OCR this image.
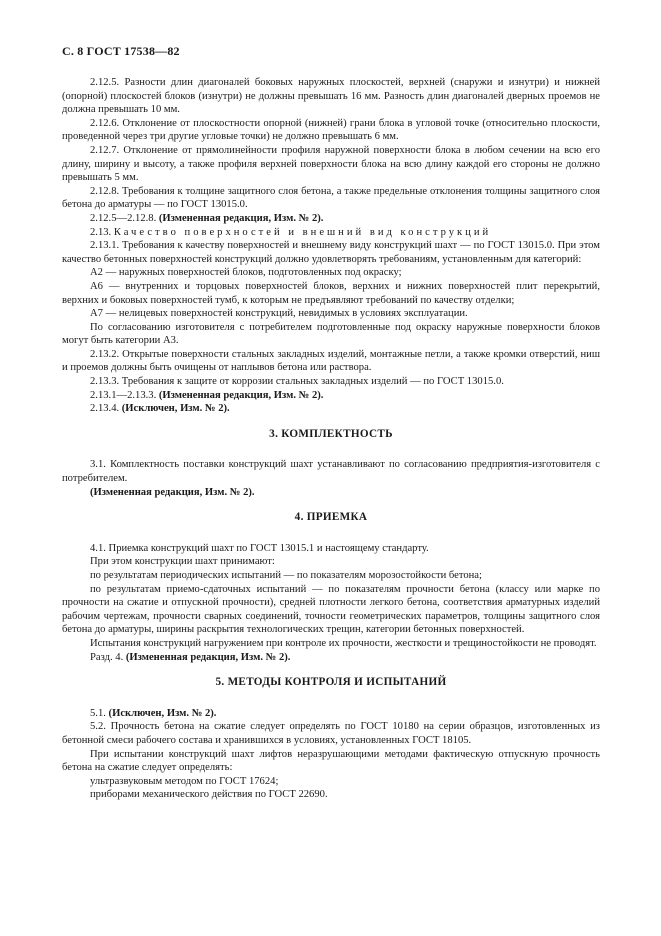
С. 8 ГОСТ 17538—82

2.12.5. Разности длин диагоналей боковых наружных плоскостей, верхней (снаружи и изнутри) и нижней (опорной) плоскостей блоков (изнутри) не должны превышать 16 мм. Разность длин диагоналей дверных проемов не должна превышать 10 мм.

2.12.6. Отклонение от плоскостности опорной (нижней) грани блока в угловой точке (относительно плоскости, проведенной через три другие угловые точки) не должно превышать 6 мм.

2.12.7. Отклонение от прямолинейности профиля наружной поверхности блока в любом сечении на всю его длину, ширину и высоту, а также профиля верхней поверхности блока на всю длину каждой его стороны не должно превышать 5 мм.

2.12.8. Требования к толщине защитного слоя бетона, а также предельные отклонения толщины защитного слоя бетона до арматуры — по ГОСТ 13015.0.

2.12.5—2.12.8. (Измененная редакция, Изм. № 2).

2.13. Качество поверхностей и внешний вид конструкций

2.13.1. Требования к качеству поверхностей и внешнему виду конструкций шахт — по ГОСТ 13015.0. При этом качество бетонных поверхностей конструкций должно удовлетворять требованиям, установленным для категорий:

А2 — наружных поверхностей блоков, подготовленных под окраску;

А6 — внутренних и торцовых поверхностей блоков, верхних и нижних поверхностей плит перекрытий, верхних и боковых поверхностей тумб, к которым не предъявляют требований по качеству отделки;

А7 — нелицевых поверхностей конструкций, невидимых в условиях эксплуатации.

По согласованию изготовителя с потребителем подготовленные под окраску наружные поверхности блоков могут быть категории А3.

2.13.2. Открытые поверхности стальных закладных изделий, монтажные петли, а также кромки отверстий, ниш и проемов должны быть очищены от наплывов бетона или раствора.

2.13.3. Требования к защите от коррозии стальных закладных изделий — по ГОСТ 13015.0.

2.13.1—2.13.3. (Измененная редакция, Изм. № 2).

2.13.4. (Исключен, Изм. № 2).

3. КОМПЛЕКТНОСТЬ

3.1. Комплектность поставки конструкций шахт устанавливают по согласованию предприятия-изготовителя с потребителем.

(Измененная редакция, Изм. № 2).

4. ПРИЕМКА

4.1. Приемка конструкций шахт по ГОСТ 13015.1 и настоящему стандарту.

При этом конструкции шахт принимают:

по результатам периодических испытаний — по показателям морозостойкости бетона;

по результатам приемо-сдаточных испытаний — по показателям прочности бетона (классу или марке по прочности на сжатие и отпускной прочности), средней плотности легкого бетона, соответствия арматурных изделий рабочим чертежам, прочности сварных соединений, точности геометрических параметров, толщины защитного слоя бетона до арматуры, ширины раскрытия технологических трещин, категории бетонных поверхностей.

Испытания конструкций нагружением при контроле их прочности, жесткости и трещиностойкости не проводят.

Разд. 4. (Измененная редакция, Изм. № 2).

5. МЕТОДЫ КОНТРОЛЯ И ИСПЫТАНИЙ

5.1. (Исключен, Изм. № 2).

5.2. Прочность бетона на сжатие следует определять по ГОСТ 10180 на серии образцов, изготовленных из бетонной смеси рабочего состава и хранившихся в условиях, установленных ГОСТ 18105.

При испытании конструкций шахт лифтов неразрушающими методами фактическую отпускную прочность бетона на сжатие следует определять:

ультразвуковым методом по ГОСТ 17624;

приборами механического действия по ГОСТ 22690.
